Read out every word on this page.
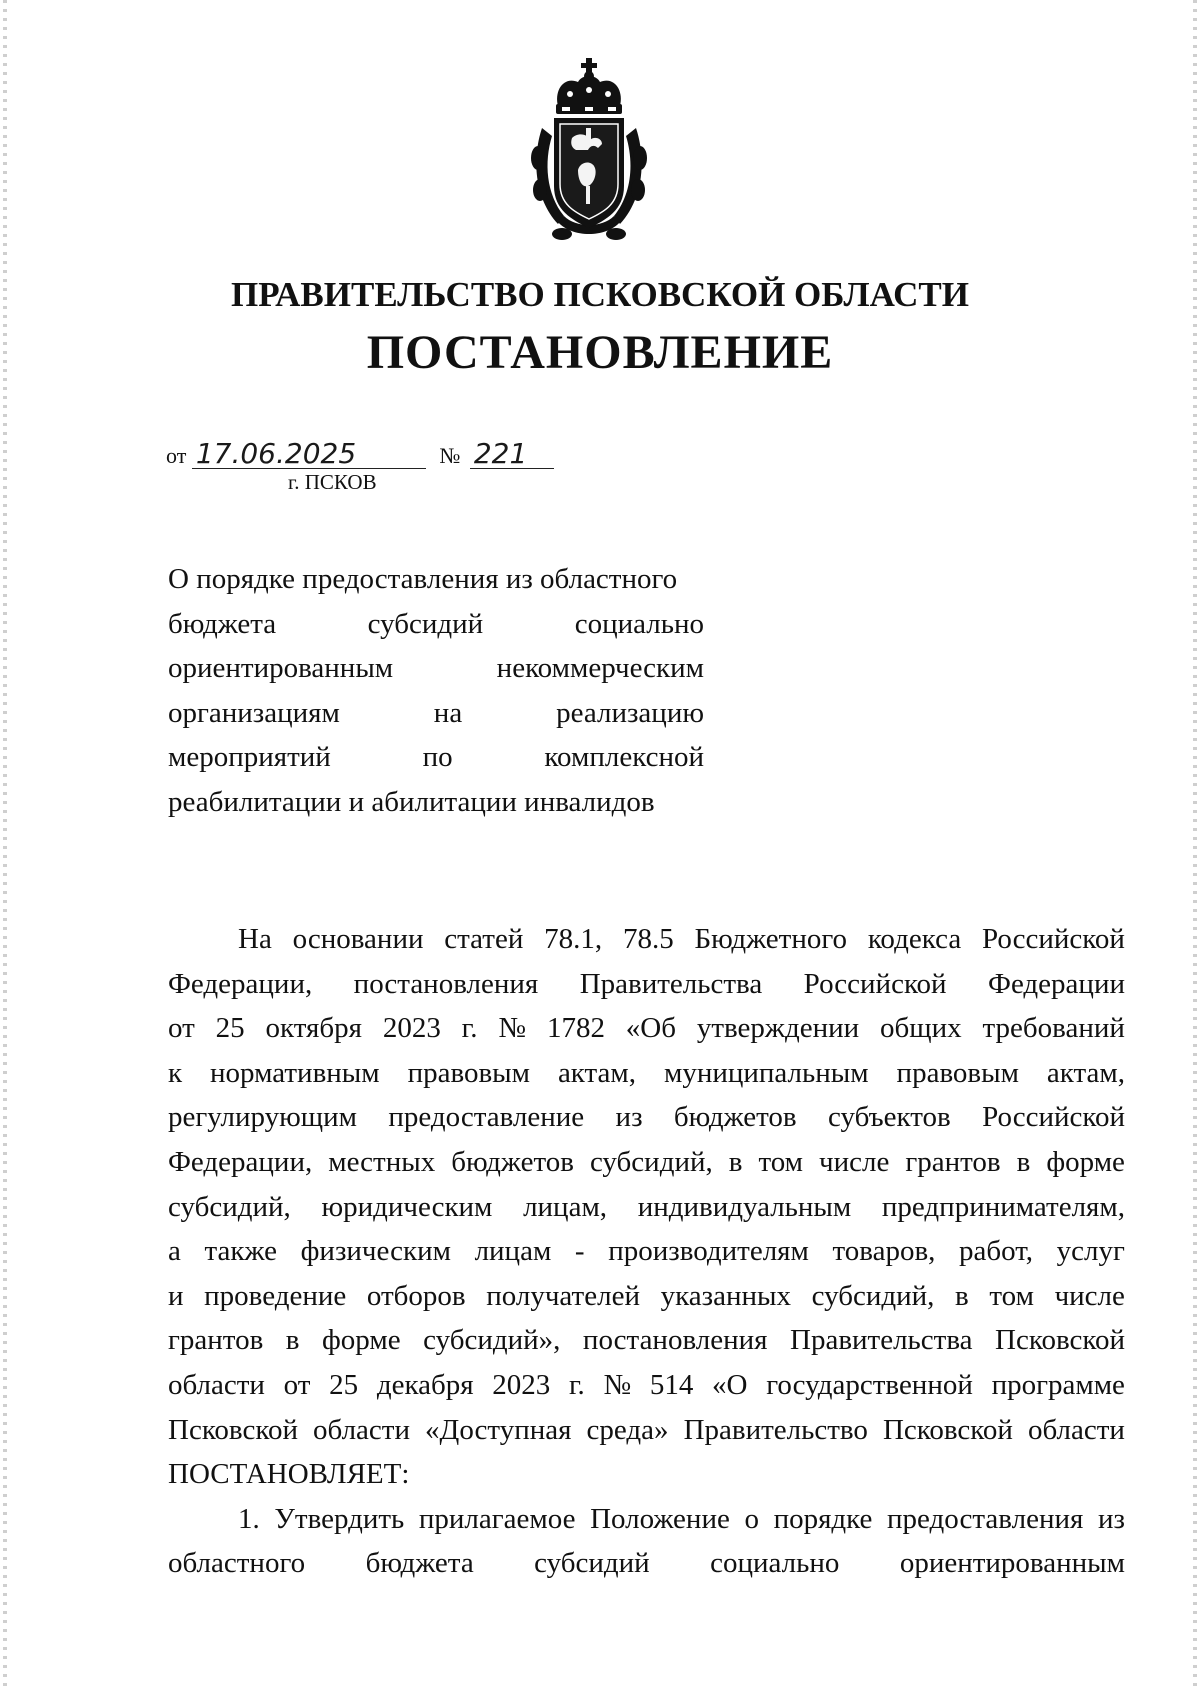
ПРАВИТЕЛЬСТВО ПСКОВСКОЙ ОБЛАСТИ
ПОСТАНОВЛЕНИЕ
от 17.06.2025	№ 221
г. ПСКОВ
О порядке предоставления из областного
бюджета	субсидий	социально
ориентированным	некоммерческим
организациям	на	реализацию
мероприятий	по	комплексной
реабилитации и абилитации инвалидов
На основании статей 78.1, 78.5 Бюджетного кодекса Российской
Федерации, постановления Правительства Российской Федерации
от 25 октября 2023 г. № 1782 «Об утверждении общих требований
к нормативным правовым актам, муниципальным правовым актам,
регулирующим предоставление из бюджетов субъектов Российской
Федерации, местных бюджетов субсидий, в том числе грантов в форме
субсидий, юридическим лицам, индивидуальным предпринимателям,
а также физическим лицам - производителям товаров, работ, услуг
и проведение отборов получателей указанных субсидий, в том числе
грантов в форме субсидий», постановления Правительства Псковской
области от 25 декабря 2023 г. № 514 «О государственной программе
Псковской области «Доступная среда» Правительство Псковской области
ПОСТАНОВЛЯЕТ:
1. Утвердить прилагаемое Положение о порядке предоставления из
областного бюджета субсидий социально ориентированным
